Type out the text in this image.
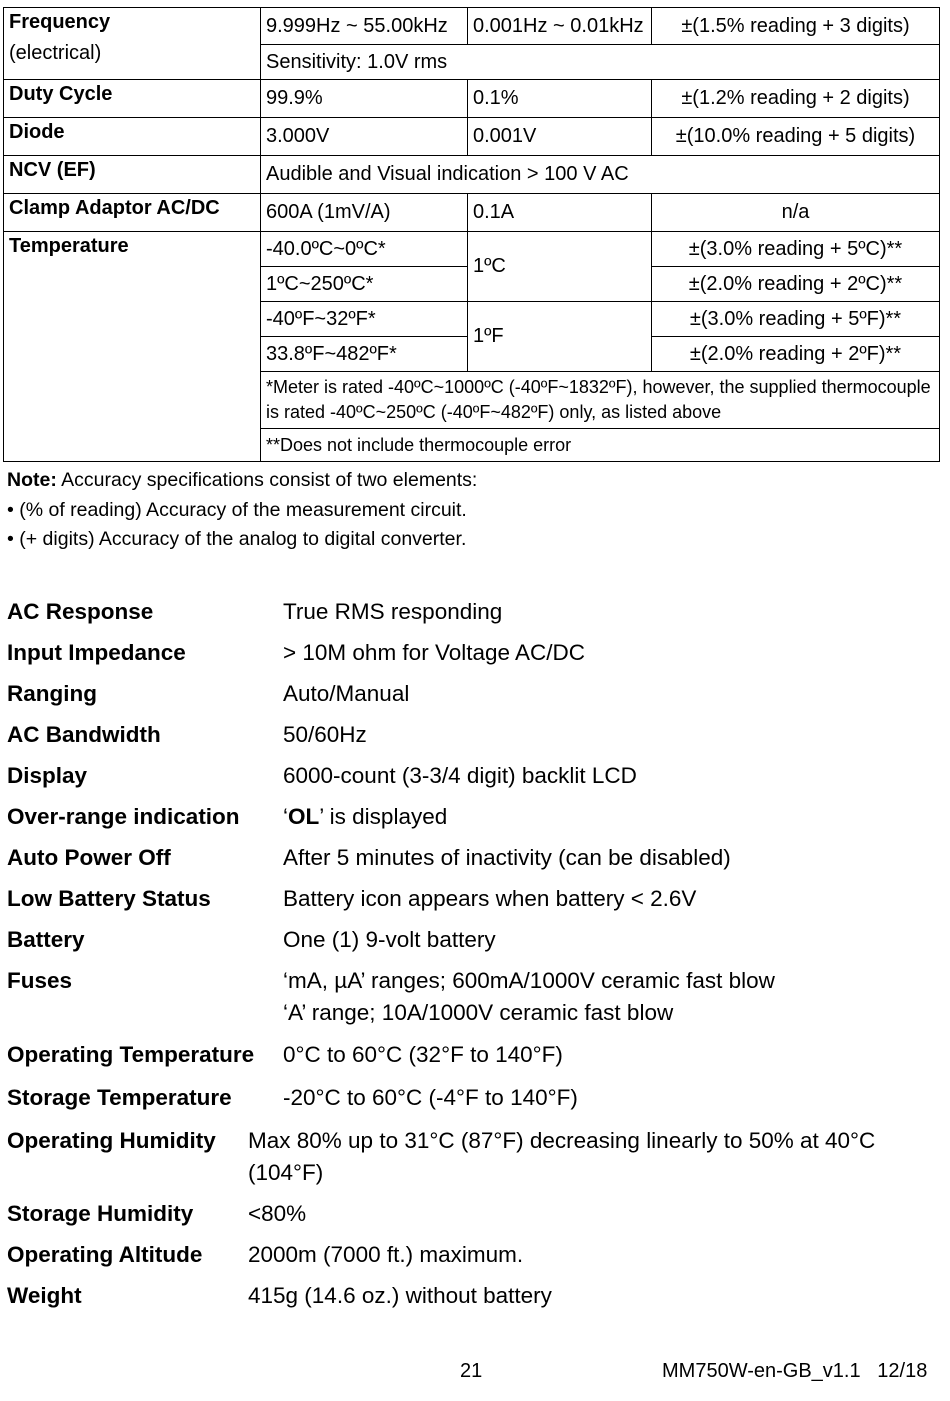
Frequency
(electrical)	9.999Hz ~ 55.00kHz	0.001Hz ~ 0.01kHz	±(1.5% reading + 3 digits)
	Sensitivity: 1.0V rms		
Duty Cycle	99.9%	0.1%	±(1.2% reading + 2 digits)
Diode	3.000V	0.001V	±(10.0% reading + 5 digits)
NCV (EF)	Audible and Visual indication > 100 V AC		
Clamp Adaptor AC/DC	600A (1mV/A)	0.1A	n/a
Temperature	-40.0ºC~0ºC*	1ºC	±(3.0% reading + 5ºC)**
	1ºC~250ºC*		±(2.0% reading + 2ºC)**
	-40ºF~32ºF*	1ºF	±(3.0% reading + 5ºF)**
	33.8ºF~482ºF*		±(2.0% reading + 2ºF)**
	*Meter is rated -40ºC~1000ºC (-40ºF~1832ºF), however, the supplied thermocouple is rated -40ºC~250ºC (-40ºF~482ºF) only, as listed above		
	**Does not include thermocouple error		
Note: Accuracy specifications consist of two elements:
• (% of reading) Accuracy of the measurement circuit.
• (+ digits) Accuracy of the analog to digital converter.
AC Response	True RMS responding
Input Impedance	> 10M ohm for Voltage AC/DC
Ranging	Auto/Manual
AC Bandwidth	50/60Hz
Display	6000-count (3-3/4 digit) backlit LCD
Over-range indication	‘OL’ is displayed
Auto Power Off	After 5 minutes of inactivity (can be disabled)
Low Battery Status	Battery icon appears when battery < 2.6V
Battery	One (1) 9-volt battery
Fuses	‘mA, µA’ ranges; 600mA/1000V ceramic fast blow
‘A’ range; 10A/1000V ceramic fast blow
Operating Temperature	0°C to 60°C (32°F to 140°F)
Storage Temperature	-20°C to 60°C (-4°F to 140°F)
Operating Humidity	Max 80% up to 31°C (87°F) decreasing linearly to 50% at 40°C (104°F)
Storage Humidity	<80%
Operating Altitude	2000m (7000 ft.) maximum.
Weight	415g (14.6 oz.) without battery
21	MM750W-en-GB_v1.1   12/18
